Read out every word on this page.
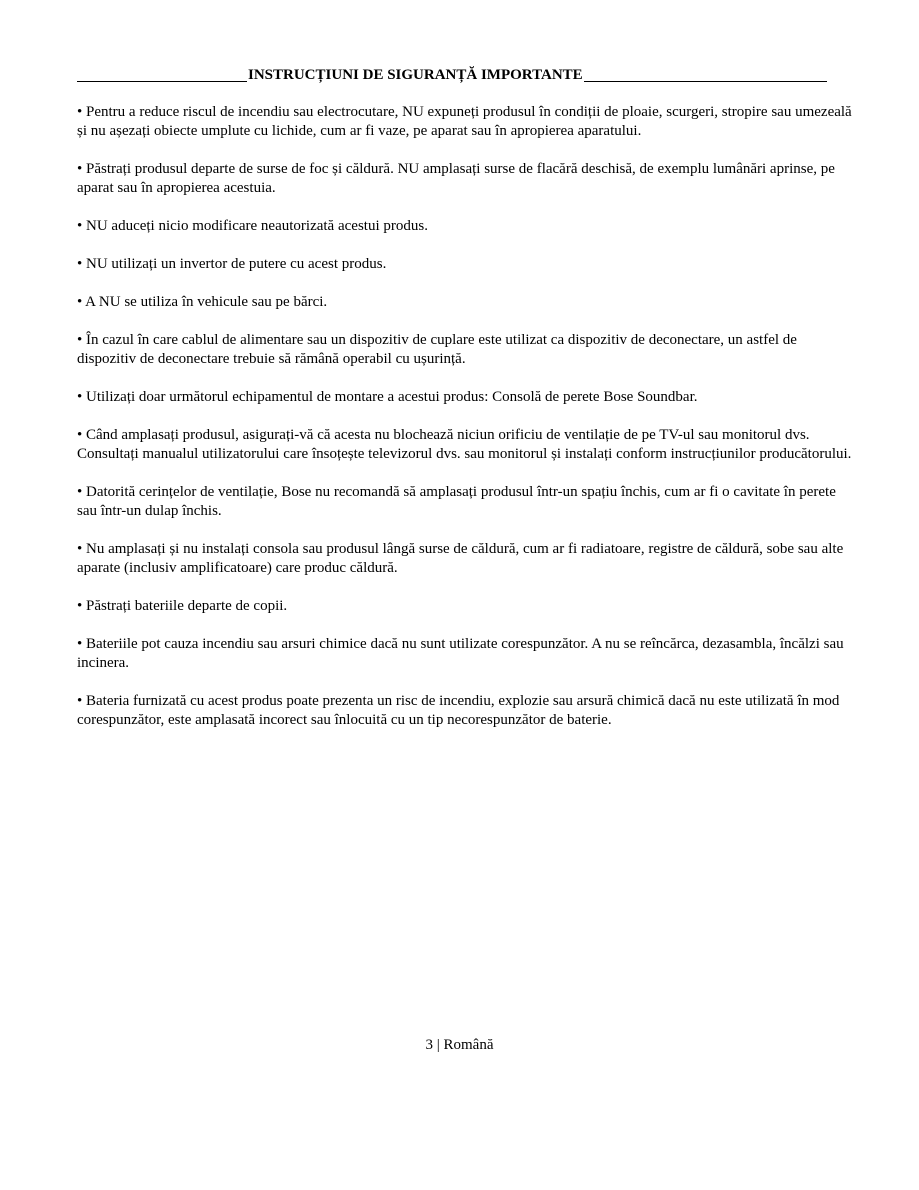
INSTRUCȚIUNI DE SIGURANȚĂ IMPORTANTE

• Pentru a reduce riscul de incendiu sau electrocutare, NU expuneți produsul în condiții de ploaie, scurgeri, stropire sau umezeală și nu așezați obiecte umplute cu lichide, cum ar fi vaze, pe aparat sau în apropierea aparatului.

• Păstrați produsul departe de surse de foc și căldură. NU amplasați surse de flacără deschisă, de exemplu lumânări aprinse, pe aparat sau în apropierea acestuia.

• NU aduceți nicio modificare neautorizată acestui produs.

• NU utilizați un invertor de putere cu acest produs.

• A NU se utiliza în vehicule sau pe bărci.

• În cazul în care cablul de alimentare sau un dispozitiv de cuplare este utilizat ca dispozitiv de deconectare, un astfel de dispozitiv de deconectare trebuie să rămână operabil cu ușurință.

• Utilizați doar următorul echipamentul de montare a acestui produs: Consolă de perete Bose Soundbar.

• Când amplasați produsul, asigurați-vă că acesta nu blochează niciun orificiu de ventilație de pe TV-ul sau monitorul dvs. Consultați manualul utilizatorului care însoțește televizorul dvs. sau monitorul și instalați conform instrucțiunilor producătorului.

• Datorită cerințelor de ventilație, Bose nu recomandă să amplasați produsul într-un spațiu închis, cum ar fi o cavitate în perete sau într-un dulap închis.

• Nu amplasați și nu instalați consola sau produsul lângă surse de căldură, cum ar fi radiatoare, registre de căldură, sobe sau alte aparate (inclusiv amplificatoare) care produc căldură.

• Păstrați bateriile departe de copii.

• Bateriile pot cauza incendiu sau arsuri chimice dacă nu sunt utilizate corespunzător. A nu se reîncărca, dezasambla, încălzi sau incinera.

• Bateria furnizată cu acest produs poate prezenta un risc de incendiu, explozie sau arsură chimică dacă nu este utilizată în mod corespunzător, este amplasată incorect sau înlocuită cu un tip necorespunzător de baterie.

3 | Română
